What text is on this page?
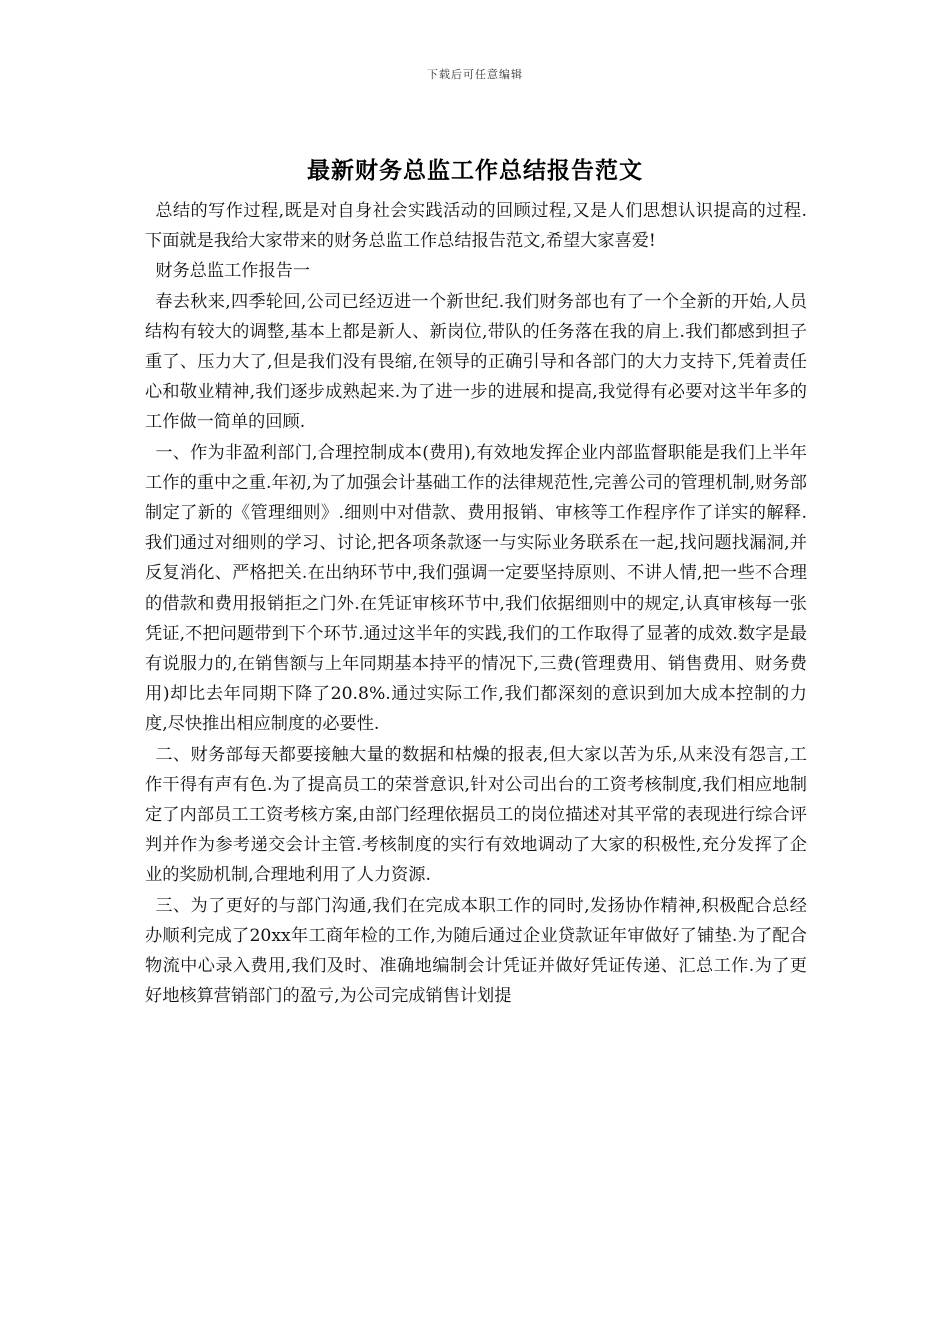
下载后可任意编辑
最新财务总监工作总结报告范文

总结的写作过程,既是对自身社会实践活动的回顾过程,又是人们思想认识提高的过程.下面就是我给大家带来的财务总监工作总结报告范文,希望大家喜爱!

财务总监工作报告一

春去秋来,四季轮回,公司已经迈进一个新世纪.我们财务部也有了一个全新的开始,人员结构有较大的调整,基本上都是新人、新岗位,带队的任务落在我的肩上.我们都感到担子重了、压力大了,但是我们没有畏缩,在领导的正确引导和各部门的大力支持下,凭着责任心和敬业精神,我们逐步成熟起来.为了进一步的进展和提高,我觉得有必要对这半年多的工作做一简单的回顾.

一、作为非盈利部门,合理控制成本(费用),有效地发挥企业内部监督职能是我们上半年工作的重中之重.年初,为了加强会计基础工作的法律规范性,完善公司的管理机制,财务部制定了新的《管理细则》.细则中对借款、费用报销、审核等工作程序作了详实的解释.我们通过对细则的学习、讨论,把各项条款逐一与实际业务联系在一起,找问题找漏洞,并反复消化、严格把关.在出纳环节中,我们强调一定要坚持原则、不讲人情,把一些不合理的借款和费用报销拒之门外.在凭证审核环节中,我们依据细则中的规定,认真审核每一张凭证,不把问题带到下个环节.通过这半年的实践,我们的工作取得了显著的成效.数字是最有说服力的,在销售额与上年同期基本持平的情况下,三费(管理费用、销售费用、财务费用)却比去年同期下降了20.8%.通过实际工作,我们都深刻的意识到加大成本控制的力度,尽快推出相应制度的必要性.

二、财务部每天都要接触大量的数据和枯燥的报表,但大家以苦为乐,从来没有怨言,工作干得有声有色.为了提高员工的荣誉意识,针对公司出台的工资考核制度,我们相应地制定了内部员工工资考核方案,由部门经理依据员工的岗位描述对其平常的表现进行综合评判并作为参考递交会计主管.考核制度的实行有效地调动了大家的积极性,充分发挥了企业的奖励机制,合理地利用了人力资源.

三、为了更好的与部门沟通,我们在完成本职工作的同时,发扬协作精神,积极配合总经办顺利完成了20xx年工商年检的工作,为随后通过企业贷款证年审做好了铺垫.为了配合物流中心录入费用,我们及时、准确地编制会计凭证并做好凭证传递、汇总工作.为了更好地核算营销部门的盈亏,为公司完成销售计划提
